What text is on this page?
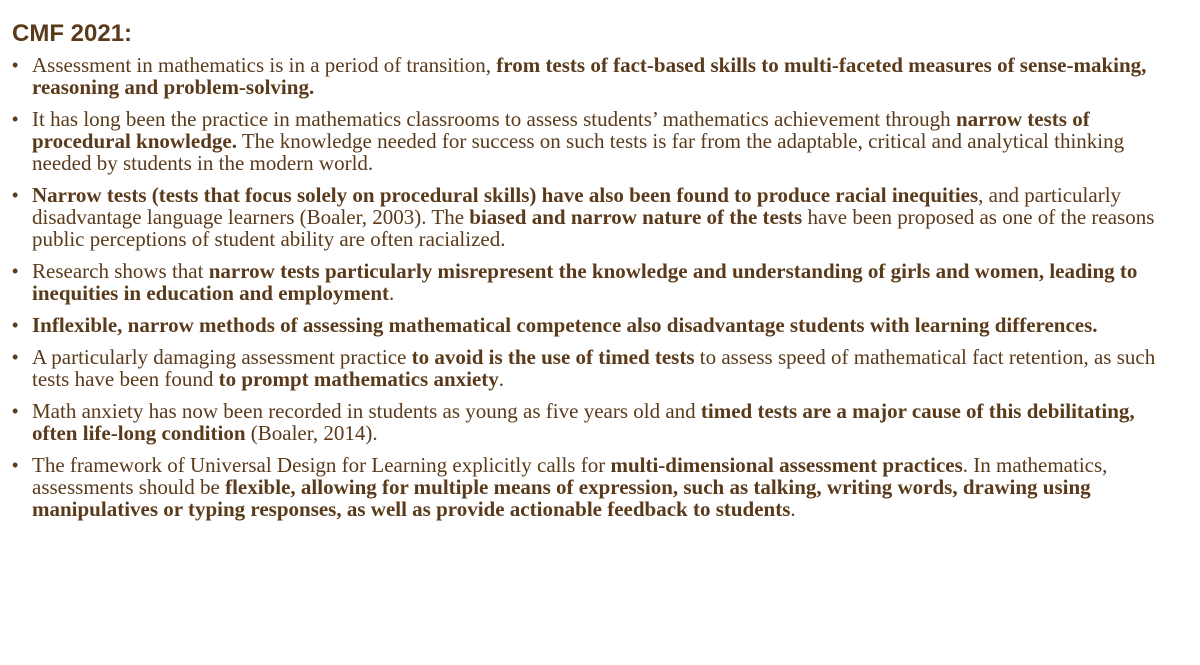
CMF 2021:
• Assessment in mathematics is in a period of transition, from tests of fact-based skills to multi-faceted measures of sense-making, reasoning and problem-solving.
• It has long been the practice in mathematics classrooms to assess students’ mathematics achievement through narrow tests of procedural knowledge. The knowledge needed for success on such tests is far from the adaptable, critical and analytical thinking needed by students in the modern world.
• Narrow tests (tests that focus solely on procedural skills) have also been found to produce racial inequities, and particularly disadvantage language learners (Boaler, 2003). The biased and narrow nature of the tests have been proposed as one of the reasons public perceptions of student ability are often racialized.
• Research shows that narrow tests particularly misrepresent the knowledge and understanding of girls and women, leading to inequities in education and employment.
• Inflexible, narrow methods of assessing mathematical competence also disadvantage students with learning differences.
• A particularly damaging assessment practice to avoid is the use of timed tests to assess speed of mathematical fact retention, as such tests have been found to prompt mathematics anxiety.
• Math anxiety has now been recorded in students as young as five years old and timed tests are a major cause of this debilitating, often life-long condition (Boaler, 2014).
• The framework of Universal Design for Learning explicitly calls for multi-dimensional assessment practices. In mathematics, assessments should be flexible, allowing for multiple means of expression, such as talking, writing words, drawing using manipulatives or typing responses, as well as provide actionable feedback to students.
